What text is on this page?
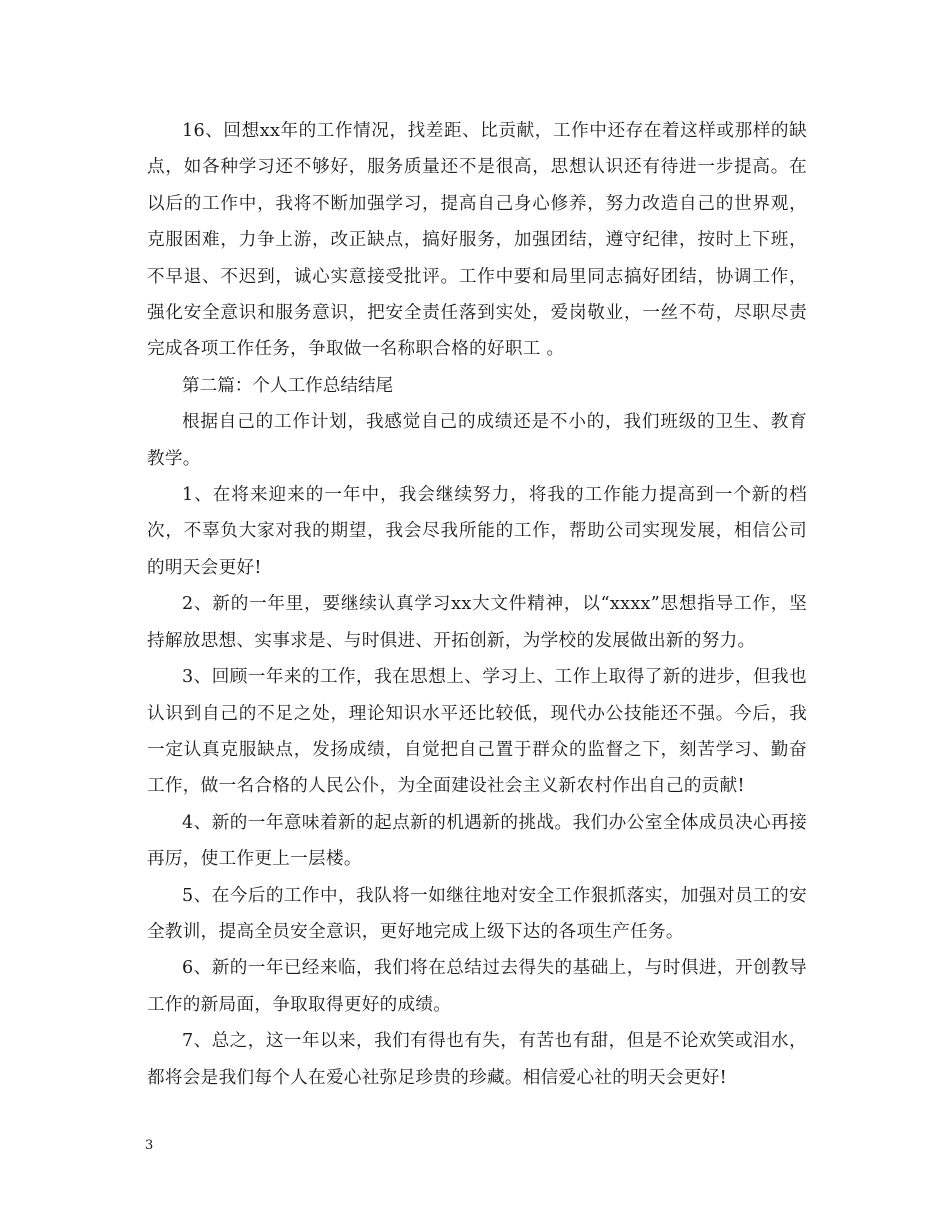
16、回想xx年的工作情况，找差距、比贡献，工作中还存在着这样或那样的缺点，如各种学习还不够好，服务质量还不是很高，思想认识还有待进一步提高。在以后的工作中，我将不断加强学习，提高自己身心修养，努力改造自己的世界观，克服困难，力争上游，改正缺点，搞好服务，加强团结，遵守纪律，按时上下班，不早退、不迟到，诚心实意接受批评。工作中要和局里同志搞好团结，协调工作，强化安全意识和服务意识，把安全责任落到实处，爱岗敬业，一丝不苟，尽职尽责完成各项工作任务，争取做一名称职合格的好职工 。

第二篇：个人工作总结结尾

根据自己的工作计划，我感觉自己的成绩还是不小的，我们班级的卫生、教育教学。

1、在将来迎来的一年中，我会继续努力，将我的工作能力提高到一个新的档次，不辜负大家对我的期望，我会尽我所能的工作，帮助公司实现发展，相信公司的明天会更好!

2、新的一年里，要继续认真学习xx大文件精神，以“xxxx”思想指导工作，坚持解放思想、实事求是、与时俱进、开拓创新，为学校的发展做出新的努力。

3、回顾一年来的工作，我在思想上、学习上、工作上取得了新的进步，但我也认识到自己的不足之处，理论知识水平还比较低，现代办公技能还不强。今后，我一定认真克服缺点，发扬成绩，自觉把自己置于群众的监督之下，刻苦学习、勤奋工作，做一名合格的人民公仆，为全面建设社会主义新农村作出自己的贡献!

4、新的一年意味着新的起点新的机遇新的挑战。我们办公室全体成员决心再接再厉，使工作更上一层楼。

5、在今后的工作中，我队将一如继往地对安全工作狠抓落实，加强对员工的安全教训，提高全员安全意识，更好地完成上级下达的各项生产任务。

6、新的一年已经来临，我们将在总结过去得失的基础上，与时俱进，开创教导工作的新局面，争取取得更好的成绩。

7、总之，这一年以来，我们有得也有失，有苦也有甜，但是不论欢笑或泪水，都将会是我们每个人在爱心社弥足珍贵的珍藏。相信爱心社的明天会更好!

3
